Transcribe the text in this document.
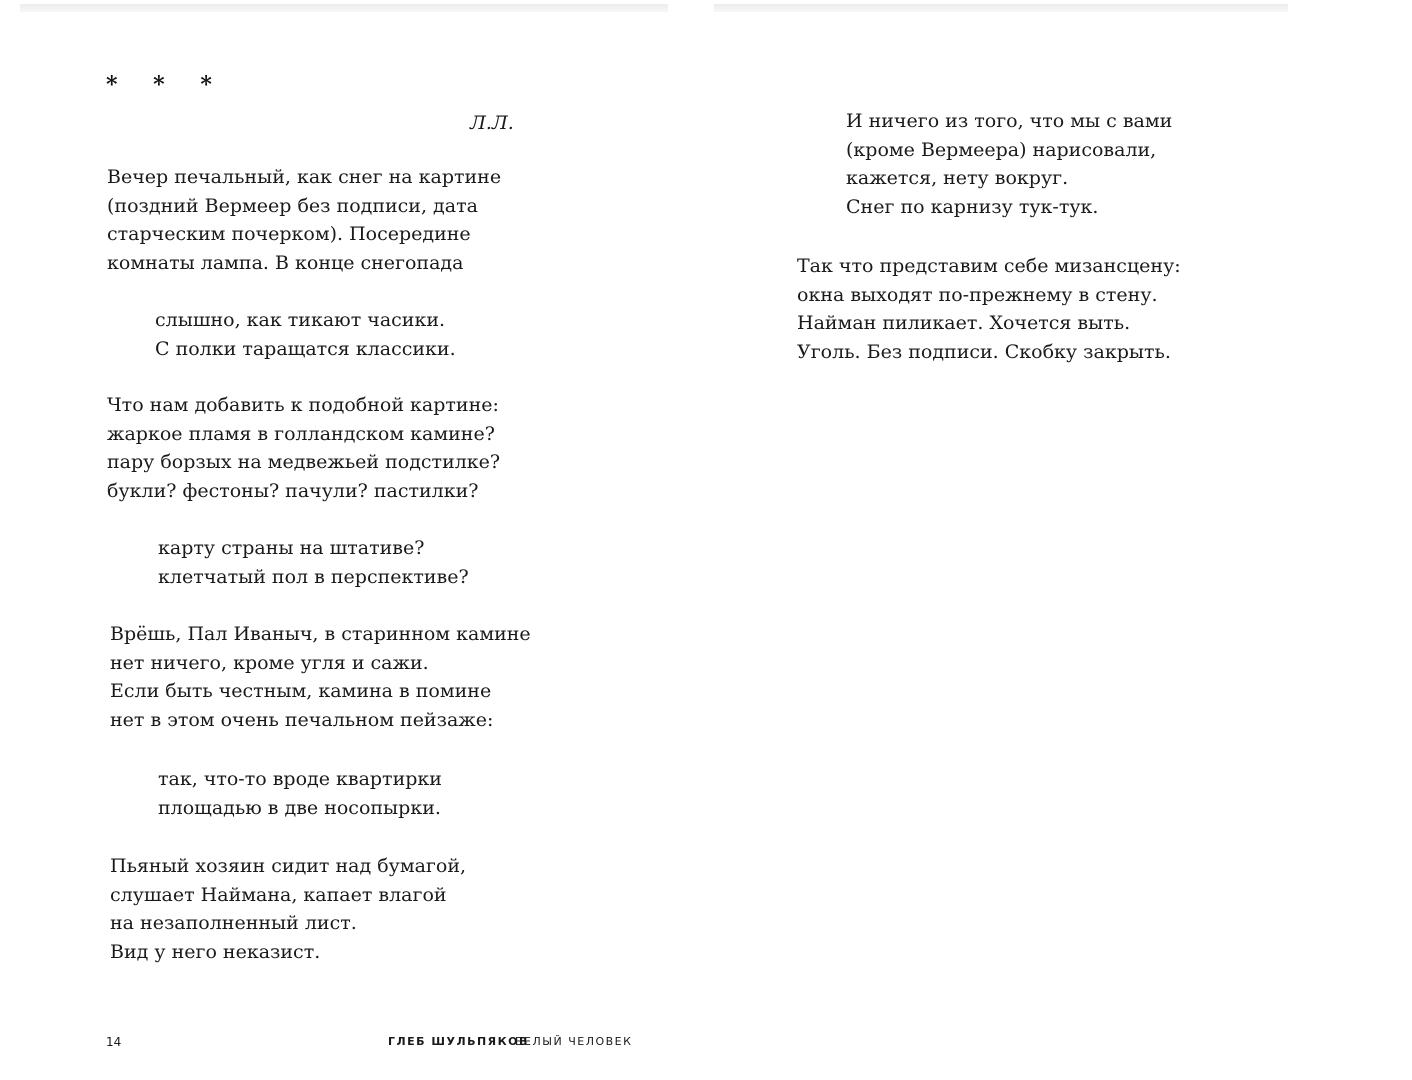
* * *
Л.Л.
Вечер печальный, как снег на картине
(поздний Вермеер без подписи, дата
старческим почерком). Посередине
комнаты лампа. В конце снегопада
слышно, как тикают часики.
С полки таращатся классики.
Что нам добавить к подобной картине:
жаркое пламя в голландском камине?
пару борзых на медвежьей подстилке?
букли? фестоны? пачули? пастилки?
карту страны на штативе?
клетчатый пол в перспективе?
Врёшь, Пал Иваныч, в старинном камине
нет ничего, кроме угля и сажи.
Если быть честным, камина в помине
нет в этом очень печальном пейзаже:
так, что-то вроде квартирки
площадью в две носопырки.
Пьяный хозяин сидит над бумагой,
слушает Наймана, капает влагой
на незаполненный лист.
Вид у него неказист.
14	ГЛЕБ ШУЛЬПЯКОВ
БЕЛЫЙ ЧЕЛОВЕК
И ничего из того, что мы с вами
(кроме Вермеера) нарисовали,
кажется, нету вокруг.
Снег по карнизу тук-тук.
Так что представим себе мизансцену:
окна выходят по-прежнему в стену.
Найман пиликает. Хочется выть.
Уголь. Без подписи. Скобку закрыть.
